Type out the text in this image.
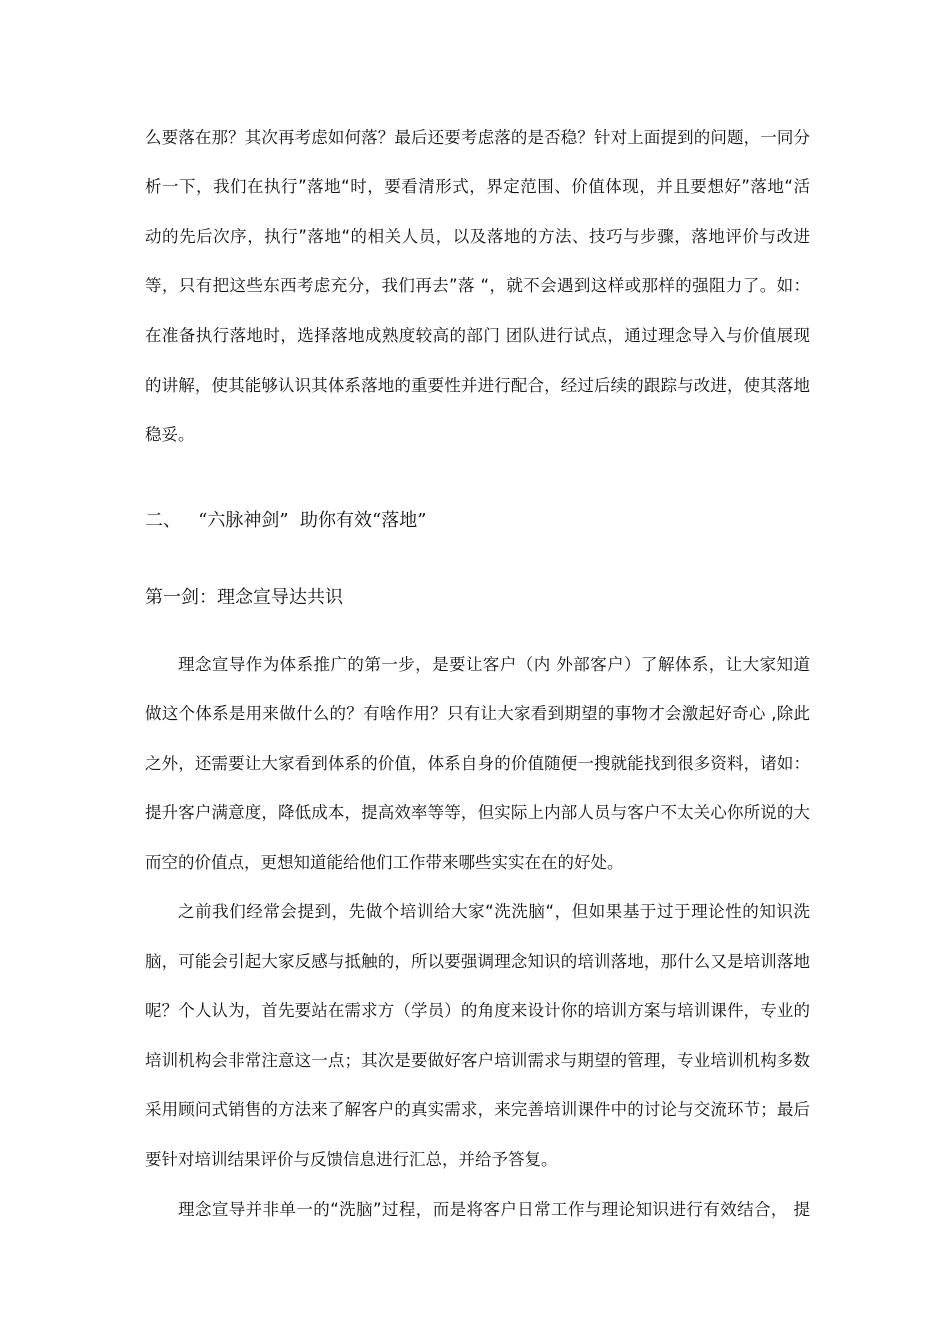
么要落在那？其次再考虑如何落？最后还要考虑落的是否稳？针对上面提到的问题，一同分
析一下，我们在执行”落地“时，要看清形式，界定范围、价值体现，并且要想好”落地“活
动的先后次序，执行”落地“的相关人员，以及落地的方法、技巧与步骤，落地评价与改进
等，只有把这些东西考虑充分，我们再去”落 “，就不会遇到这样或那样的强阻力了。如：
在准备执行落地时，选择落地成熟度较高的部门 团队进行试点，通过理念导入与价值展现
的讲解，使其能够认识其体系落地的重要性并进行配合，经过后续的跟踪与改进，使其落地
稳妥。
二、   “六脉神剑”  助你有效“落地”
第一剑：理念宣导达共识
理念宣导作为体系推广的第一步，是要让客户（内 外部客户）了解体系，让大家知道
做这个体系是用来做什么的？有啥作用？只有让大家看到期望的事物才会激起好奇心 ,除此
之外，还需要让大家看到体系的价值，体系自身的价值随便一搜就能找到很多资料，诸如：
提升客户满意度，降低成本，提高效率等等，但实际上内部人员与客户不太关心你所说的大
而空的价值点，更想知道能给他们工作带来哪些实实在在的好处。
之前我们经常会提到，先做个培训给大家“洗洗脑“，但如果基于过于理论性的知识洗
脑，可能会引起大家反感与抵触的，所以要强调理念知识的培训落地，那什么又是培训落地
呢？个人认为，首先要站在需求方（学员）的角度来设计你的培训方案与培训课件，专业的
培训机构会非常注意这一点；其次是要做好客户培训需求与期望的管理，专业培训机构多数
采用顾问式销售的方法来了解客户的真实需求，来完善培训课件中的讨论与交流环节；最后
要针对培训结果评价与反馈信息进行汇总，并给予答复。
理念宣导并非单一的“洗脑”过程，而是将客户日常工作与理论知识进行有效结合， 提
